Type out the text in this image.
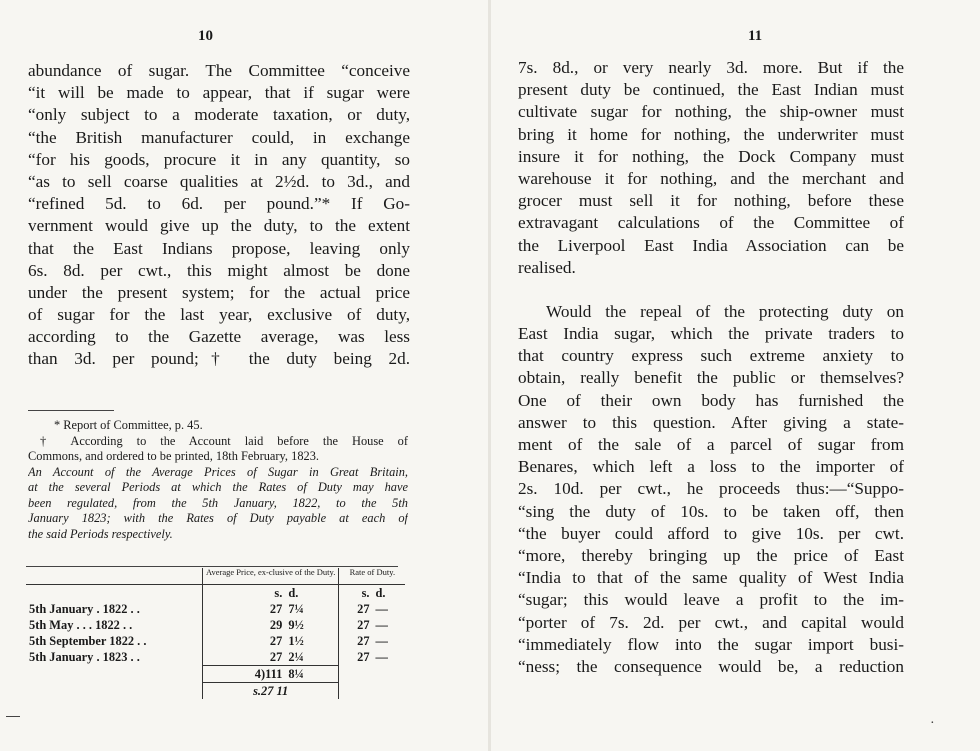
10
abundance of sugar. The Committee “conceive
“it will be made to appear, that if sugar were
“only subject to a moderate taxation, or duty,
“the British manufacturer could, in exchange
“for his goods, procure it in any quantity, so
“as to sell coarse qualities at 2½d. to 3d., and
“refined 5d. to 6d. per pound.”* If Go-
vernment would give up the duty, to the extent
that the East Indians propose, leaving only
6s. 8d. per cwt., this might almost be done
under the present system; for the actual price
of sugar for the last year, exclusive of duty,
according to the Gazette average, was less
than 3d. per pound;† the duty being 2d.
* Report of Committee, p. 45.
† According to the Account laid before the House of
Commons, and ordered to be printed, 18th February, 1823.
An Account of the Average Prices of Sugar in Great Britain,
at the several Periods at which the Rates of Duty may have
been regulated, from the 5th January, 1822, to the 5th
January 1823; with the Rates of Duty payable at each of
the said Periods respectively.
	Average Price, ex-clusive of the Duty.		Rate of Duty.	
	s.	d.	s.	d.
5th January . 1822 . .	27	7¼	27	—
5th May . . . 1822 . .	29	9½	27	—
5th September 1822 . .	27	1½	27	—
5th January . 1823 . .	27	2¼	27	—
	4)111	8¼		
	s.27 11			
11
7s. 8d., or very nearly 3d. more. But if the
present duty be continued, the East Indian must
cultivate sugar for nothing, the ship-owner must
bring it home for nothing, the underwriter must
insure it for nothing, the Dock Company must
warehouse it for nothing, and the merchant and
grocer must sell it for nothing, before these
extravagant calculations of the Committee of
the Liverpool East India Association can be
realised.
Would the repeal of the protecting duty on
East India sugar, which the private traders to
that country express such extreme anxiety to
obtain, really benefit the public or themselves?
One of their own body has furnished the
answer to this question. After giving a state-
ment of the sale of a parcel of sugar from
Benares, which left a loss to the importer of
2s. 10d. per cwt., he proceeds thus:—“Suppo-
“sing the duty of 10s. to be taken off, then
“the buyer could afford to give 10s. per cwt.
“more, thereby bringing up the price of East
“India to that of the same quality of West India
“sugar; this would leave a profit to the im-
“porter of 7s. 2d. per cwt., and capital would
“immediately flow into the sugar import busi-
“ness; the consequence would be, a reduction
·
